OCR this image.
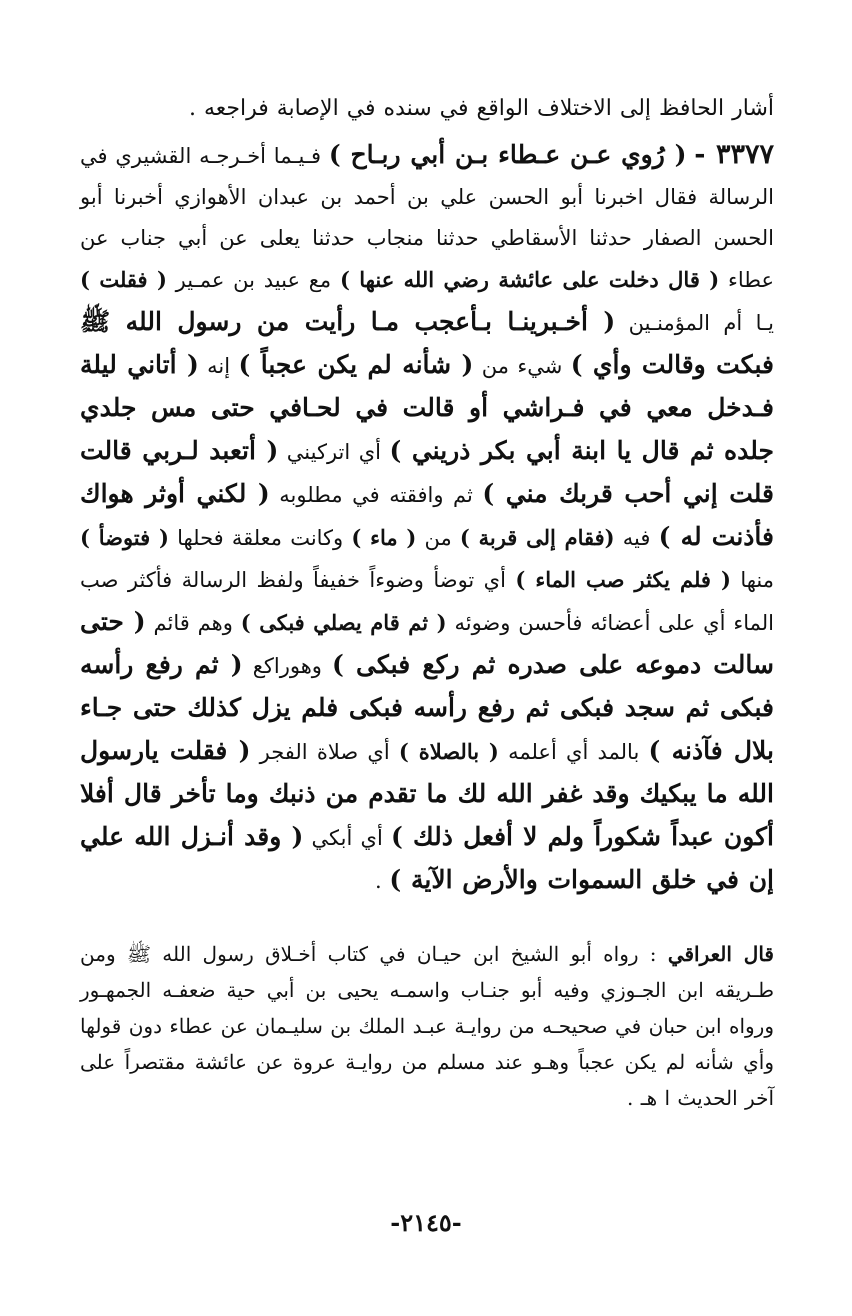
أشار الحافظ إلى الاختلاف الواقع في سنده في الإصابة فراجعه .

٣٣٧٧ - ( رُوي عـن عـطاء بـن أبي ربـاح ) فـيـما أخـرجـه القشيري في الرسالة فقال اخبرنا أبو الحسن علي بن أحمد بن عبدان الأهوازي أخبرنا أبو الحسن الصفار حدثنا الأسقاطي حدثنا منجاب حدثنا يعلى عن أبي جناب عن عطاء ( قال دخلت على عائشة رضي الله عنها ) مع عبيد بن عمـير ( فقلت ) يـا أم المؤمنـين ( أخـبرينـا بـأعجب مـا رأيت من رسول الله ﷺ فبكت وقالت وأي ) شيء من ( شأنه لم يكن عجباً ) إنه ( أتاني ليلة فـدخل معي في فـراشي أو قالت في لحـافي حتى مس جلدي جلده ثم قال يا ابنة أبي بكر ذريني ) أي اتركيني ( أتعبد لـربي قالت قلت إني أحب قربك مني ) ثم وافقته في مطلوبه ( لكني أوثر هواك فأذنت له ) فيه (فقام إلى قربة ) من ( ماء ) وكانت معلقة فحلها ( فتوضأ ) منها ( فلم يكثر صب الماء ) أي توضأ وضوءاً خفيفاً ولفظ الرسالة فأكثر صب الماء أي على أعضائه فأحسن وضوئه ( ثم قام يصلي فبكى ) وهم قائم ( حتى سالت دموعه على صدره ثم ركع فبكى ) وهوراكع ( ثم رفع رأسه فبكى ثم سجد فبكى ثم رفع رأسه فبكى فلم يزل كذلك حتى جـاء بلال فآذنه ) بالمد أي أعلمه ( بالصلاة ) أي صلاة الفجر ( فقلت يارسول الله ما يبكيك وقد غفر الله لك ما تقدم من ذنبك وما تأخر قال أفلا أكون عبداً شكوراً ولم لا أفعل ذلك ) أي أبكي ( وقد أنـزل الله علي إن في خلق السموات والأرض الآية ) .

قال العراقي : رواه أبو الشيخ ابن حيـان في كتاب أخـلاق رسول الله ﷺ ومن طـريقه ابن الجـوزي وفيه أبو جنـاب واسمـه يحيى بن أبي حية ضعفـه الجمهـور ورواه ابن حبان في صحيحـه من روايـة عبـد الملك بن سليـمان عن عطاء دون قولها وأي شأنه لم يكن عجباً وهـو عند مسلم من روايـة عروة عن عائشة مقتصراً على آخر الحديث ا هـ .

-٢١٤٥-
